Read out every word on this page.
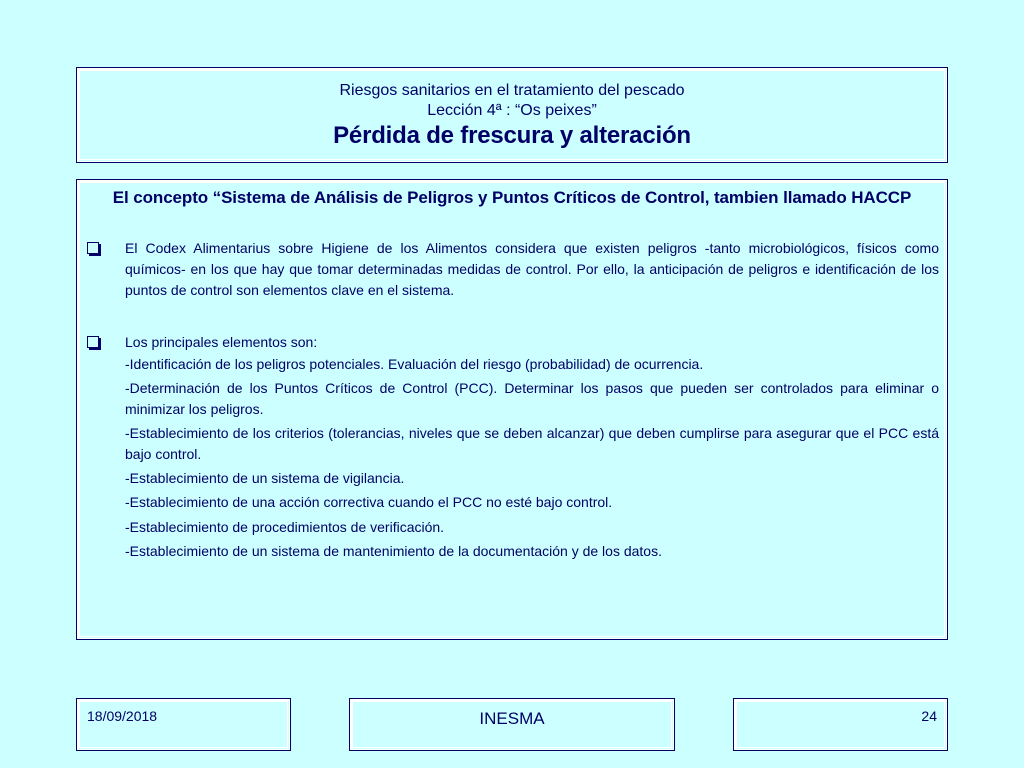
Riesgos sanitarios en el tratamiento del pescado
Lección 4ª : “Os peixes”
Pérdida de frescura y alteración
El concepto “Sistema de Análisis de Peligros y Puntos Críticos de Control, tambien llamado HACCP
El Codex Alimentarius sobre Higiene de los Alimentos considera que existen peligros -tanto microbiológicos, físicos como químicos- en los que hay que tomar determinadas medidas de control. Por ello, la anticipación de peligros e identificación de los puntos de control son elementos clave en el sistema.
Los principales elementos son:
-Identificación de los peligros potenciales. Evaluación del riesgo (probabilidad) de ocurrencia.
-Determinación de los Puntos Críticos de Control (PCC). Determinar los pasos que pueden ser controlados para eliminar o minimizar los peligros.
-Establecimiento de los criterios (tolerancias, niveles que se deben alcanzar) que deben cumplirse para asegurar que el PCC está bajo control.
-Establecimiento de un sistema de vigilancia.
-Establecimiento de una acción correctiva cuando el PCC no esté bajo control.
-Establecimiento de procedimientos de verificación.
-Establecimiento de un sistema de mantenimiento de la documentación y de los datos.
18/09/2018	INESMA	24
